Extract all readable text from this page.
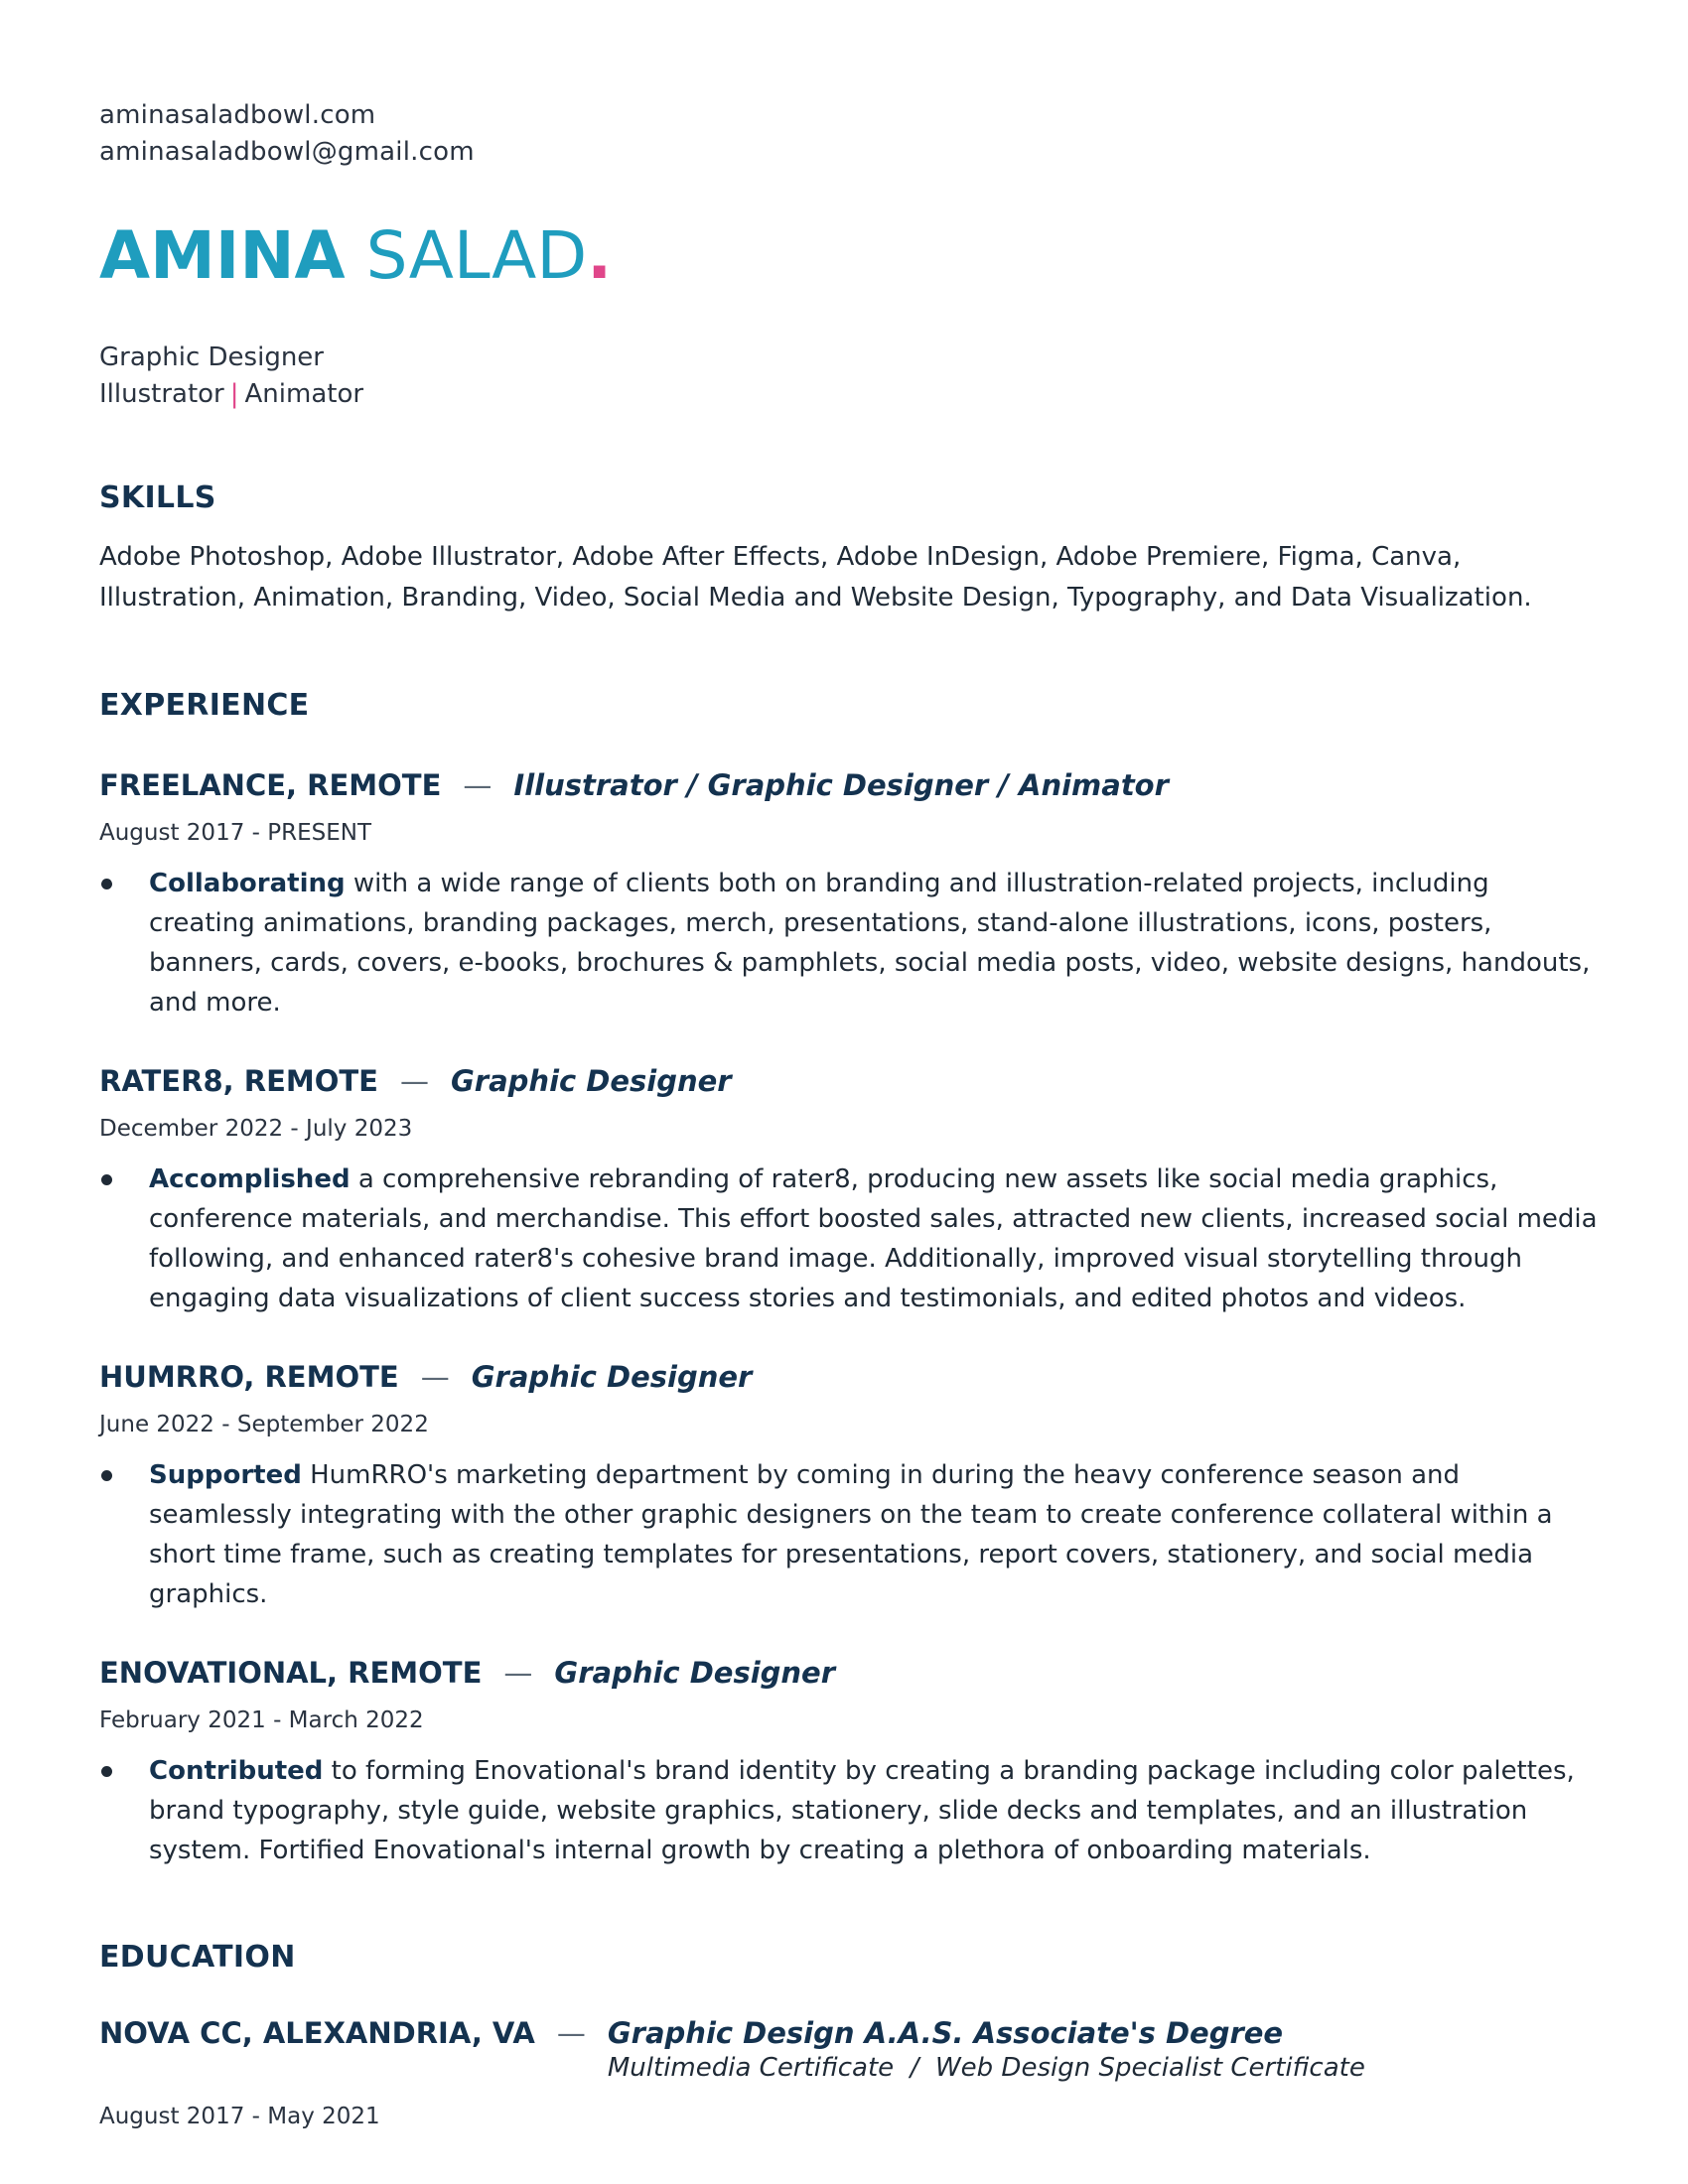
aminasaladbowl.com
aminasaladbowl@gmail.com
AMINA SALAD.
Graphic Designer
Illustrator | Animator
SKILLS
Adobe Photoshop, Adobe Illustrator, Adobe After Effects, Adobe InDesign, Adobe Premiere, Figma, Canva, Illustration, Animation, Branding, Video, Social Media and Website Design, Typography, and Data Visualization.
EXPERIENCE
FREELANCE, REMOTE — Illustrator / Graphic Designer / Animator
August 2017 - PRESENT
Collaborating with a wide range of clients both on branding and illustration-related projects, including creating animations, branding packages, merch, presentations, stand-alone illustrations, icons, posters, banners, cards, covers, e-books, brochures & pamphlets, social media posts, video, website designs, handouts, and more.
RATER8, REMOTE — Graphic Designer
December 2022 - July 2023
Accomplished a comprehensive rebranding of rater8, producing new assets like social media graphics, conference materials, and merchandise. This effort boosted sales, attracted new clients, increased social media following, and enhanced rater8's cohesive brand image. Additionally, improved visual storytelling through engaging data visualizations of client success stories and testimonials, and edited photos and videos.
HUMRRO, REMOTE — Graphic Designer
June 2022 - September 2022
Supported HumRRO's marketing department by coming in during the heavy conference season and seamlessly integrating with the other graphic designers on the team to create conference collateral within a short time frame, such as creating templates for presentations, report covers, stationery, and social media graphics.
ENOVATIONAL, REMOTE — Graphic Designer
February 2021 - March 2022
Contributed to forming Enovational's brand identity by creating a branding package including color palettes, brand typography, style guide, website graphics, stationery, slide decks and templates, and an illustration system. Fortified Enovational's internal growth by creating a plethora of onboarding materials.
EDUCATION
NOVA CC, ALEXANDRIA, VA — Graphic Design A.A.S. Associate's Degree
Multimedia Certificate  /  Web Design Specialist Certificate
August 2017 - May 2021
